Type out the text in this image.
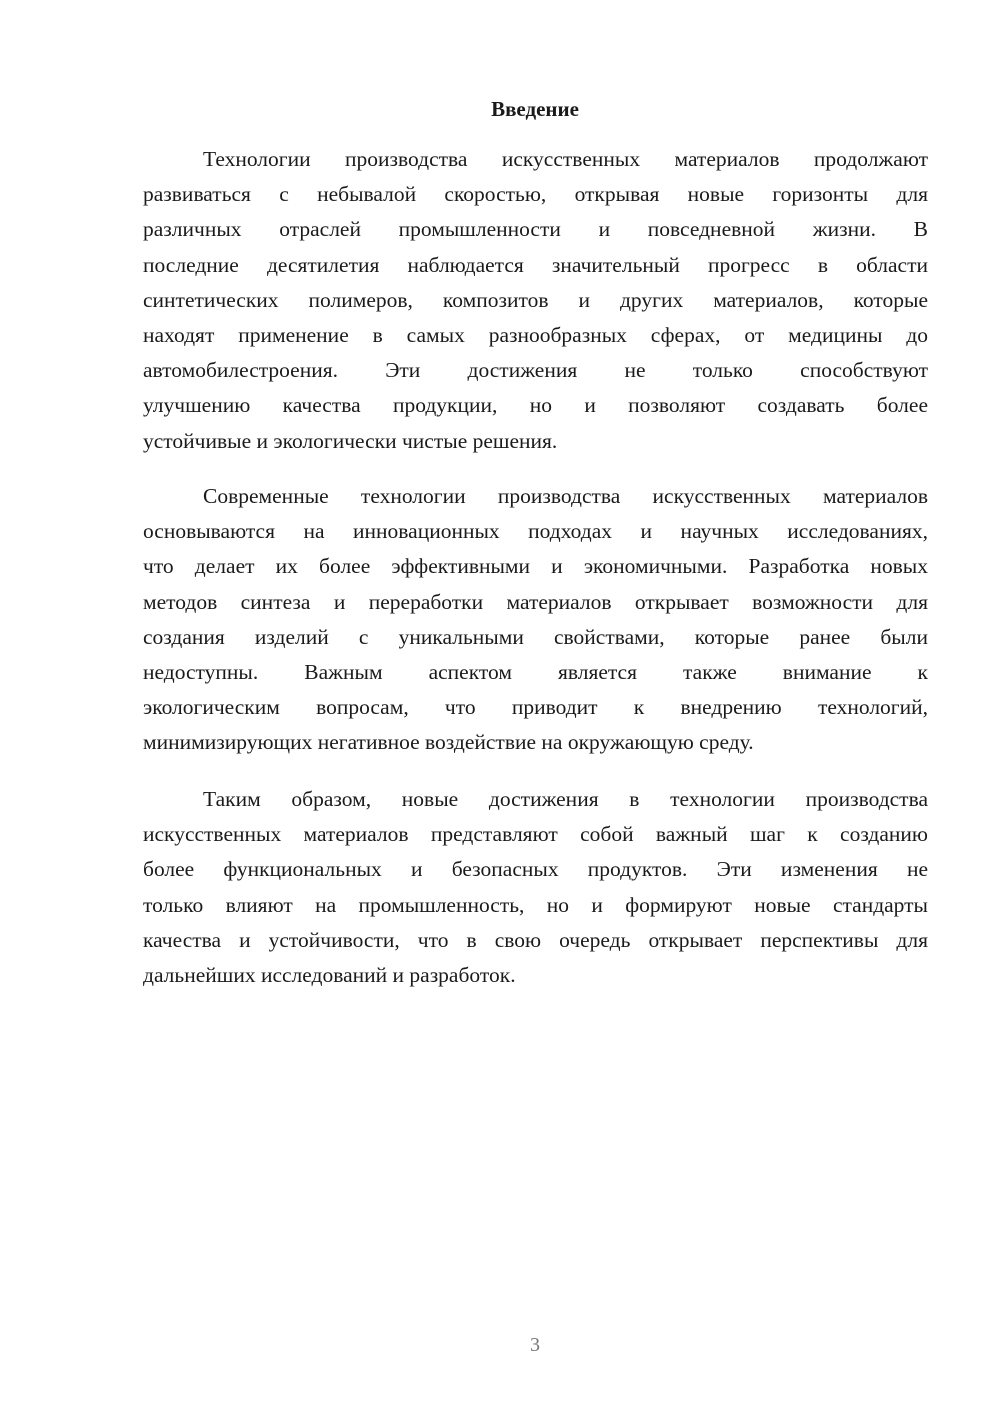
Введение
Технологии производства искусственных материалов продолжают
развиваться с небывалой скоростью, открывая новые горизонты для
различных отраслей промышленности и повседневной жизни. В
последние десятилетия наблюдается значительный прогресс в области
синтетических полимеров, композитов и других материалов, которые
находят применение в самых разнообразных сферах, от медицины до
автомобилестроения. Эти достижения не только способствуют
улучшению качества продукции, но и позволяют создавать более
устойчивые и экологически чистые решения.
Современные технологии производства искусственных материалов
основываются на инновационных подходах и научных исследованиях,
что делает их более эффективными и экономичными. Разработка новых
методов синтеза и переработки материалов открывает возможности для
создания изделий с уникальными свойствами, которые ранее были
недоступны. Важным аспектом является также внимание к
экологическим вопросам, что приводит к внедрению технологий,
минимизирующих негативное воздействие на окружающую среду.
Таким образом, новые достижения в технологии производства
искусственных материалов представляют собой важный шаг к созданию
более функциональных и безопасных продуктов. Эти изменения не
только влияют на промышленность, но и формируют новые стандарты
качества и устойчивости, что в свою очередь открывает перспективы для
дальнейших исследований и разработок.
3
